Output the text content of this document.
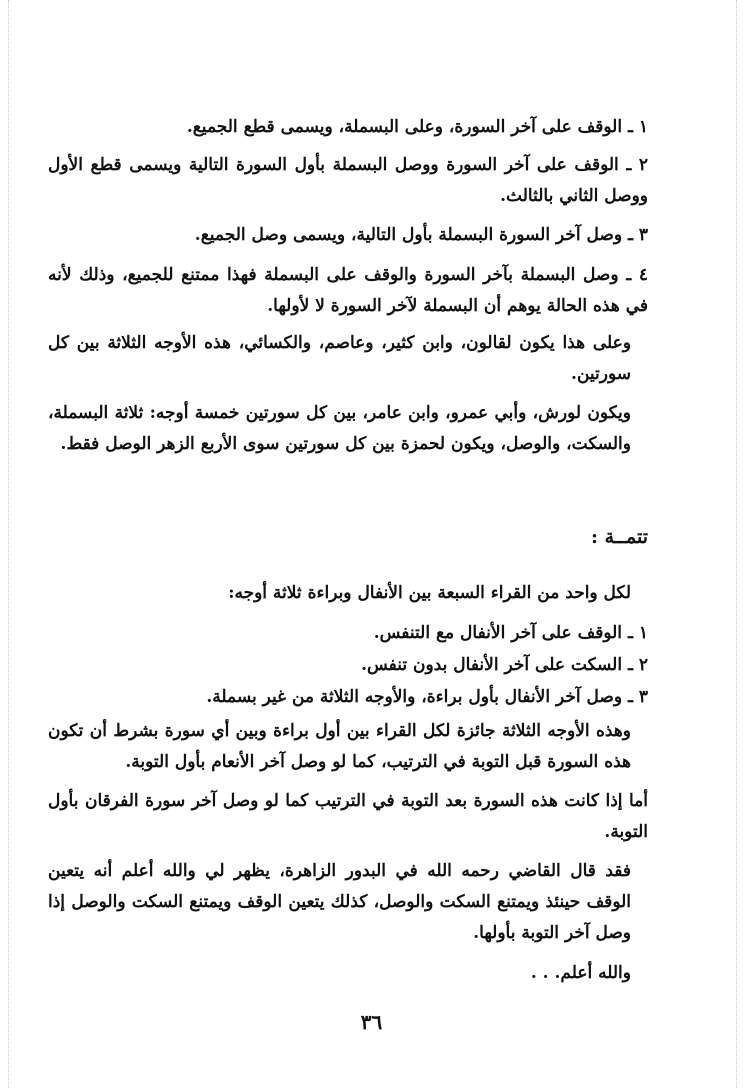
١ ـ الوقف على آخر السورة، وعلى البسملة، ويسمى قطع الجميع.

٢ ـ الوقف على آخر السورة ووصل البسملة بأول السورة التالية ويسمى قطع الأول ووصل الثاني بالثالث.

٣ ـ وصل آخر السورة البسملة بأول التالية، ويسمى وصل الجميع.

٤ ـ وصل البسملة بآخر السورة والوقف على البسملة فهذا ممتنع للجميع، وذلك لأنه في هذه الحالة يوهم أن البسملة لآخر السورة لا لأولها.

وعلى هذا يكون لقالون، وابن كثير، وعاصم، والكسائي، هذه الأوجه الثلاثة بين كل سورتين.

ويكون لورش، وأبي عمرو، وابن عامر، بين كل سورتين خمسة أوجه: ثلاثة البسملة، والسكت، والوصل، ويكون لحمزة بين كل سورتين سوى الأربع الزهر الوصل فقط.

تتمــة :

لكل واحد من القراء السبعة بين الأنفال وبراءة ثلاثة أوجه:

١ ـ الوقف على آخر الأنفال مع التنفس.

٢ ـ السكت على آخر الأنفال بدون تنفس.

٣ ـ وصل آخر الأنفال بأول براءة، والأوجه الثلاثة من غير بسملة.

وهذه الأوجه الثلاثة جائزة لكل القراء بين أول براءة وبين أي سورة بشرط أن تكون هذه السورة قبل التوبة في الترتيب، كما لو وصل آخر الأنعام بأول التوبة.

أما إذا كانت هذه السورة بعد التوبة في الترتيب كما لو وصل آخر سورة الفرقان بأول التوبة.

فقد قال القاضي رحمه الله في البدور الزاهرة، يظهر لي والله أعلم أنه يتعين الوقف حينئذ ويمتنع السكت والوصل، كذلك يتعين الوقف ويمتنع السكت والوصل إذا وصل آخر التوبة بأولها.

والله أعلم. . .

٣٦
